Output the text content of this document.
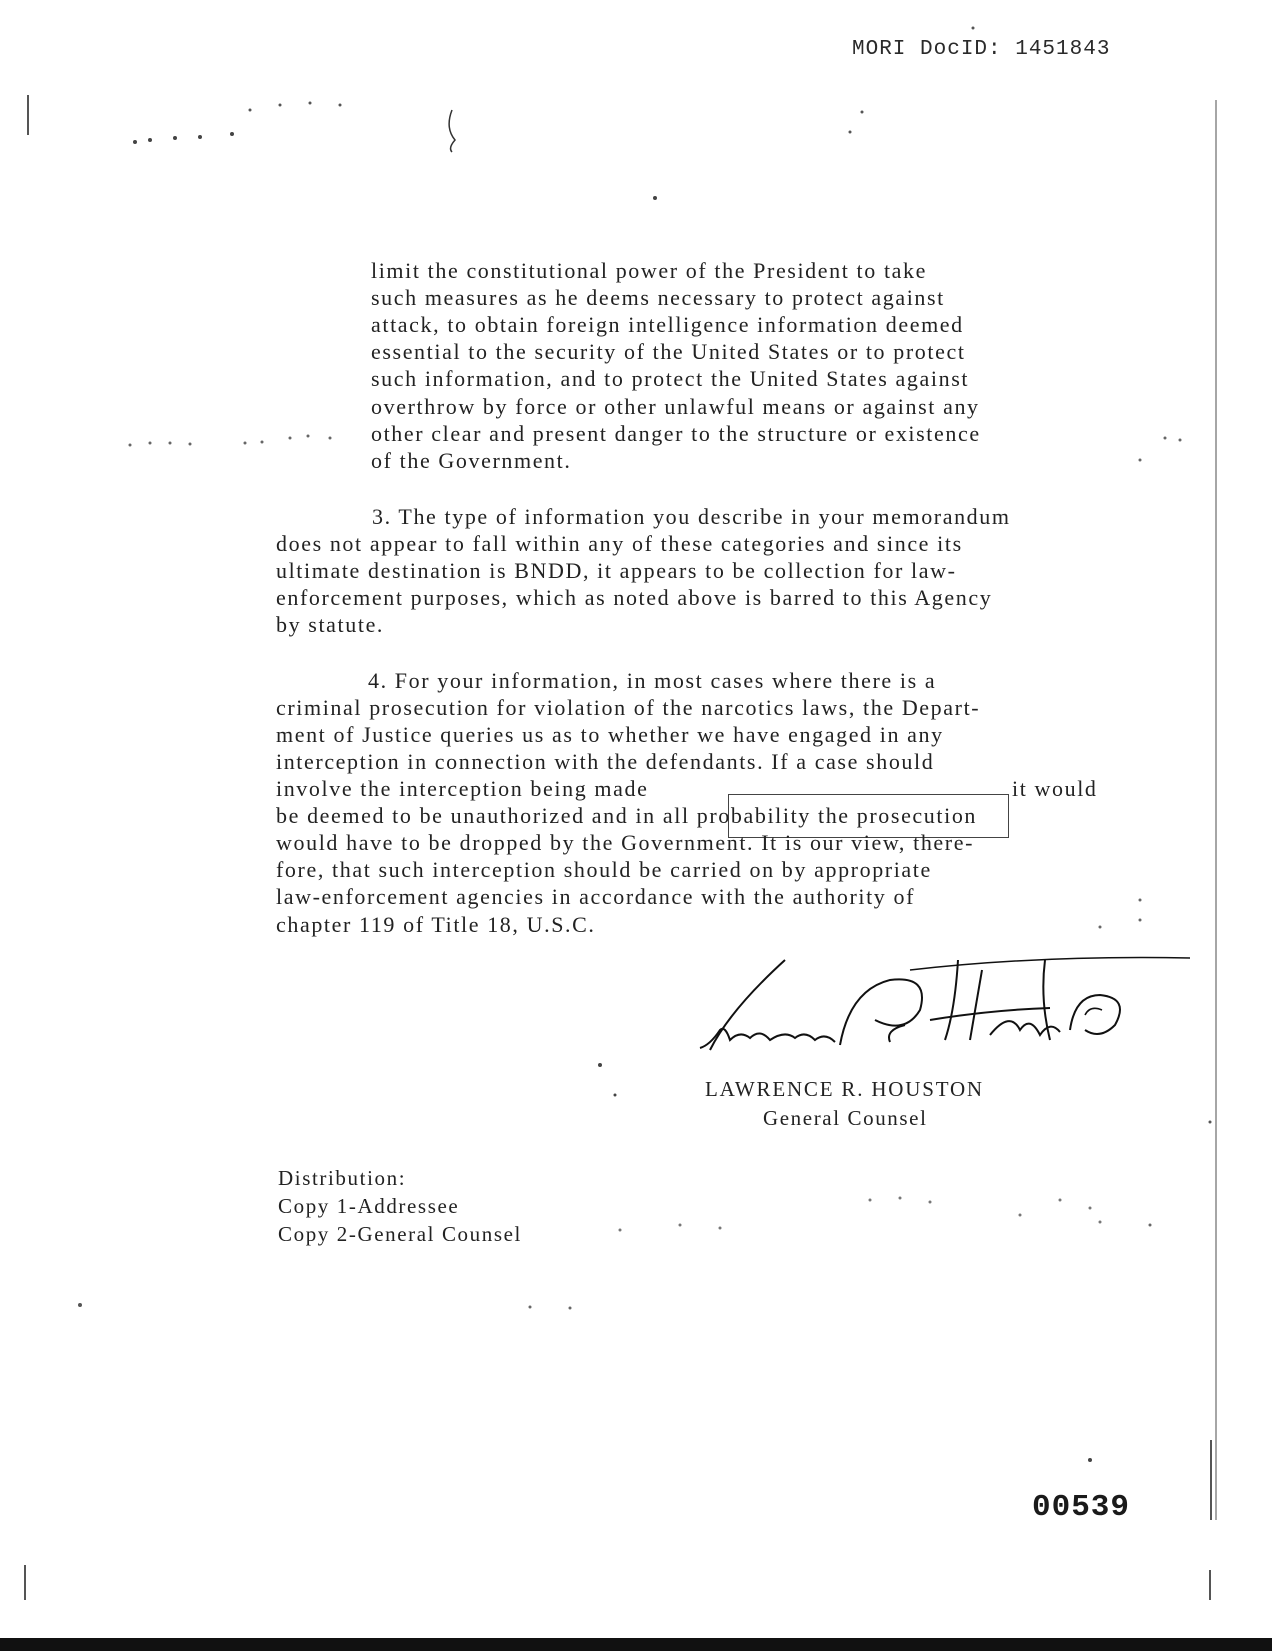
MORI DocID: 1451843
limit the constitutional power of the President to take
such measures as he deems necessary to protect against
attack, to obtain foreign intelligence information deemed
essential to the security of the United States or to protect
such information, and to protect the United States against
overthrow by force or other unlawful means or against any
other clear and present danger to the structure or existence
of the Government.
3. The type of information you describe in your memorandum
does not appear to fall within any of these categories and since its
ultimate destination is BNDD, it appears to be collection for law-
enforcement purposes, which as noted above is barred to this Agency
by statute.
4. For your information, in most cases where there is a
criminal prosecution for violation of the narcotics laws, the Depart-
ment of Justice queries us as to whether we have engaged in any
interception in connection with the defendants. If a case should
involve the interception being made	it would
be deemed to be unauthorized and in all probability the prosecution
would have to be dropped by the Government. It is our view, there-
fore, that such interception should be carried on by appropriate
law-enforcement agencies in accordance with the authority of
chapter 119 of Title 18, U.S.C.
LAWRENCE R. HOUSTON
General Counsel
Distribution:
Copy 1-Addressee
Copy 2-General Counsel
00539
